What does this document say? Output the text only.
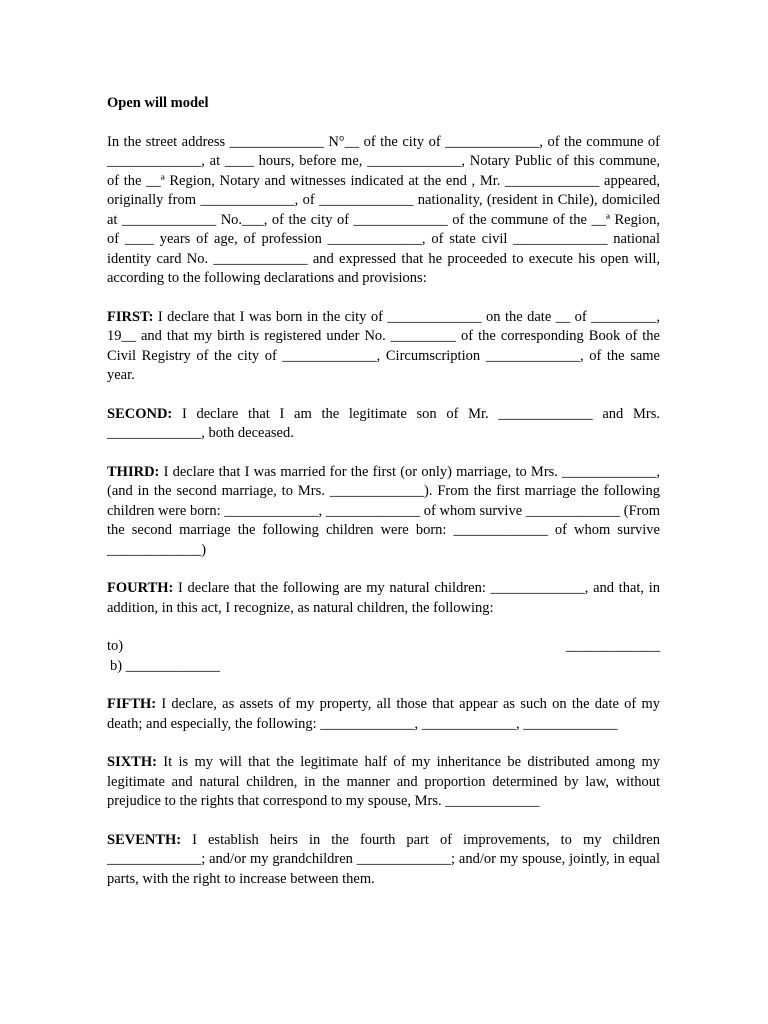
Open will model

In the street address _____________ N°__ of the city of _____________, of the commune of _____________, at ____ hours, before me, _____________, Notary Public of this commune, of the __ª Region, Notary and witnesses indicated at the end , Mr. _____________ appeared, originally from _____________, of _____________ nationality, (resident in Chile), domiciled at _____________ No.___, of the city of _____________ of the commune of the __ª Region, of ____ years of age, of profession _____________, of state civil _____________ national identity card No. _____________ and expressed that he proceeded to execute his open will, according to the following declarations and provisions:

FIRST: I declare that I was born in the city of _____________ on the date __ of _________, 19__ and that my birth is registered under No. _________ of the corresponding Book of the Civil Registry of the city of _____________, Circumscription _____________, of the same year.

SECOND: I declare that I am the legitimate son of Mr. _____________ and Mrs. _____________, both deceased.

THIRD: I declare that I was married for the first (or only) marriage, to Mrs. _____________, (and in the second marriage, to Mrs. _____________). From the first marriage the following children were born: _____________, _____________ of whom survive _____________ (From the second marriage the following children were born: _____________ of whom survive _____________)

FOURTH: I declare that the following are my natural children: _____________, and that, in addition, in this act, I recognize, as natural children, the following:

to)	_____________
b) _____________

FIFTH: I declare, as assets of my property, all those that appear as such on the date of my death; and especially, the following: _____________, _____________, _____________

SIXTH: It is my will that the legitimate half of my inheritance be distributed among my legitimate and natural children, in the manner and proportion determined by law, without prejudice to the rights that correspond to my spouse, Mrs. _____________

SEVENTH: I establish heirs in the fourth part of improvements, to my children _____________; and/or my grandchildren _____________; and/or my spouse, jointly, in equal parts, with the right to increase between them.
